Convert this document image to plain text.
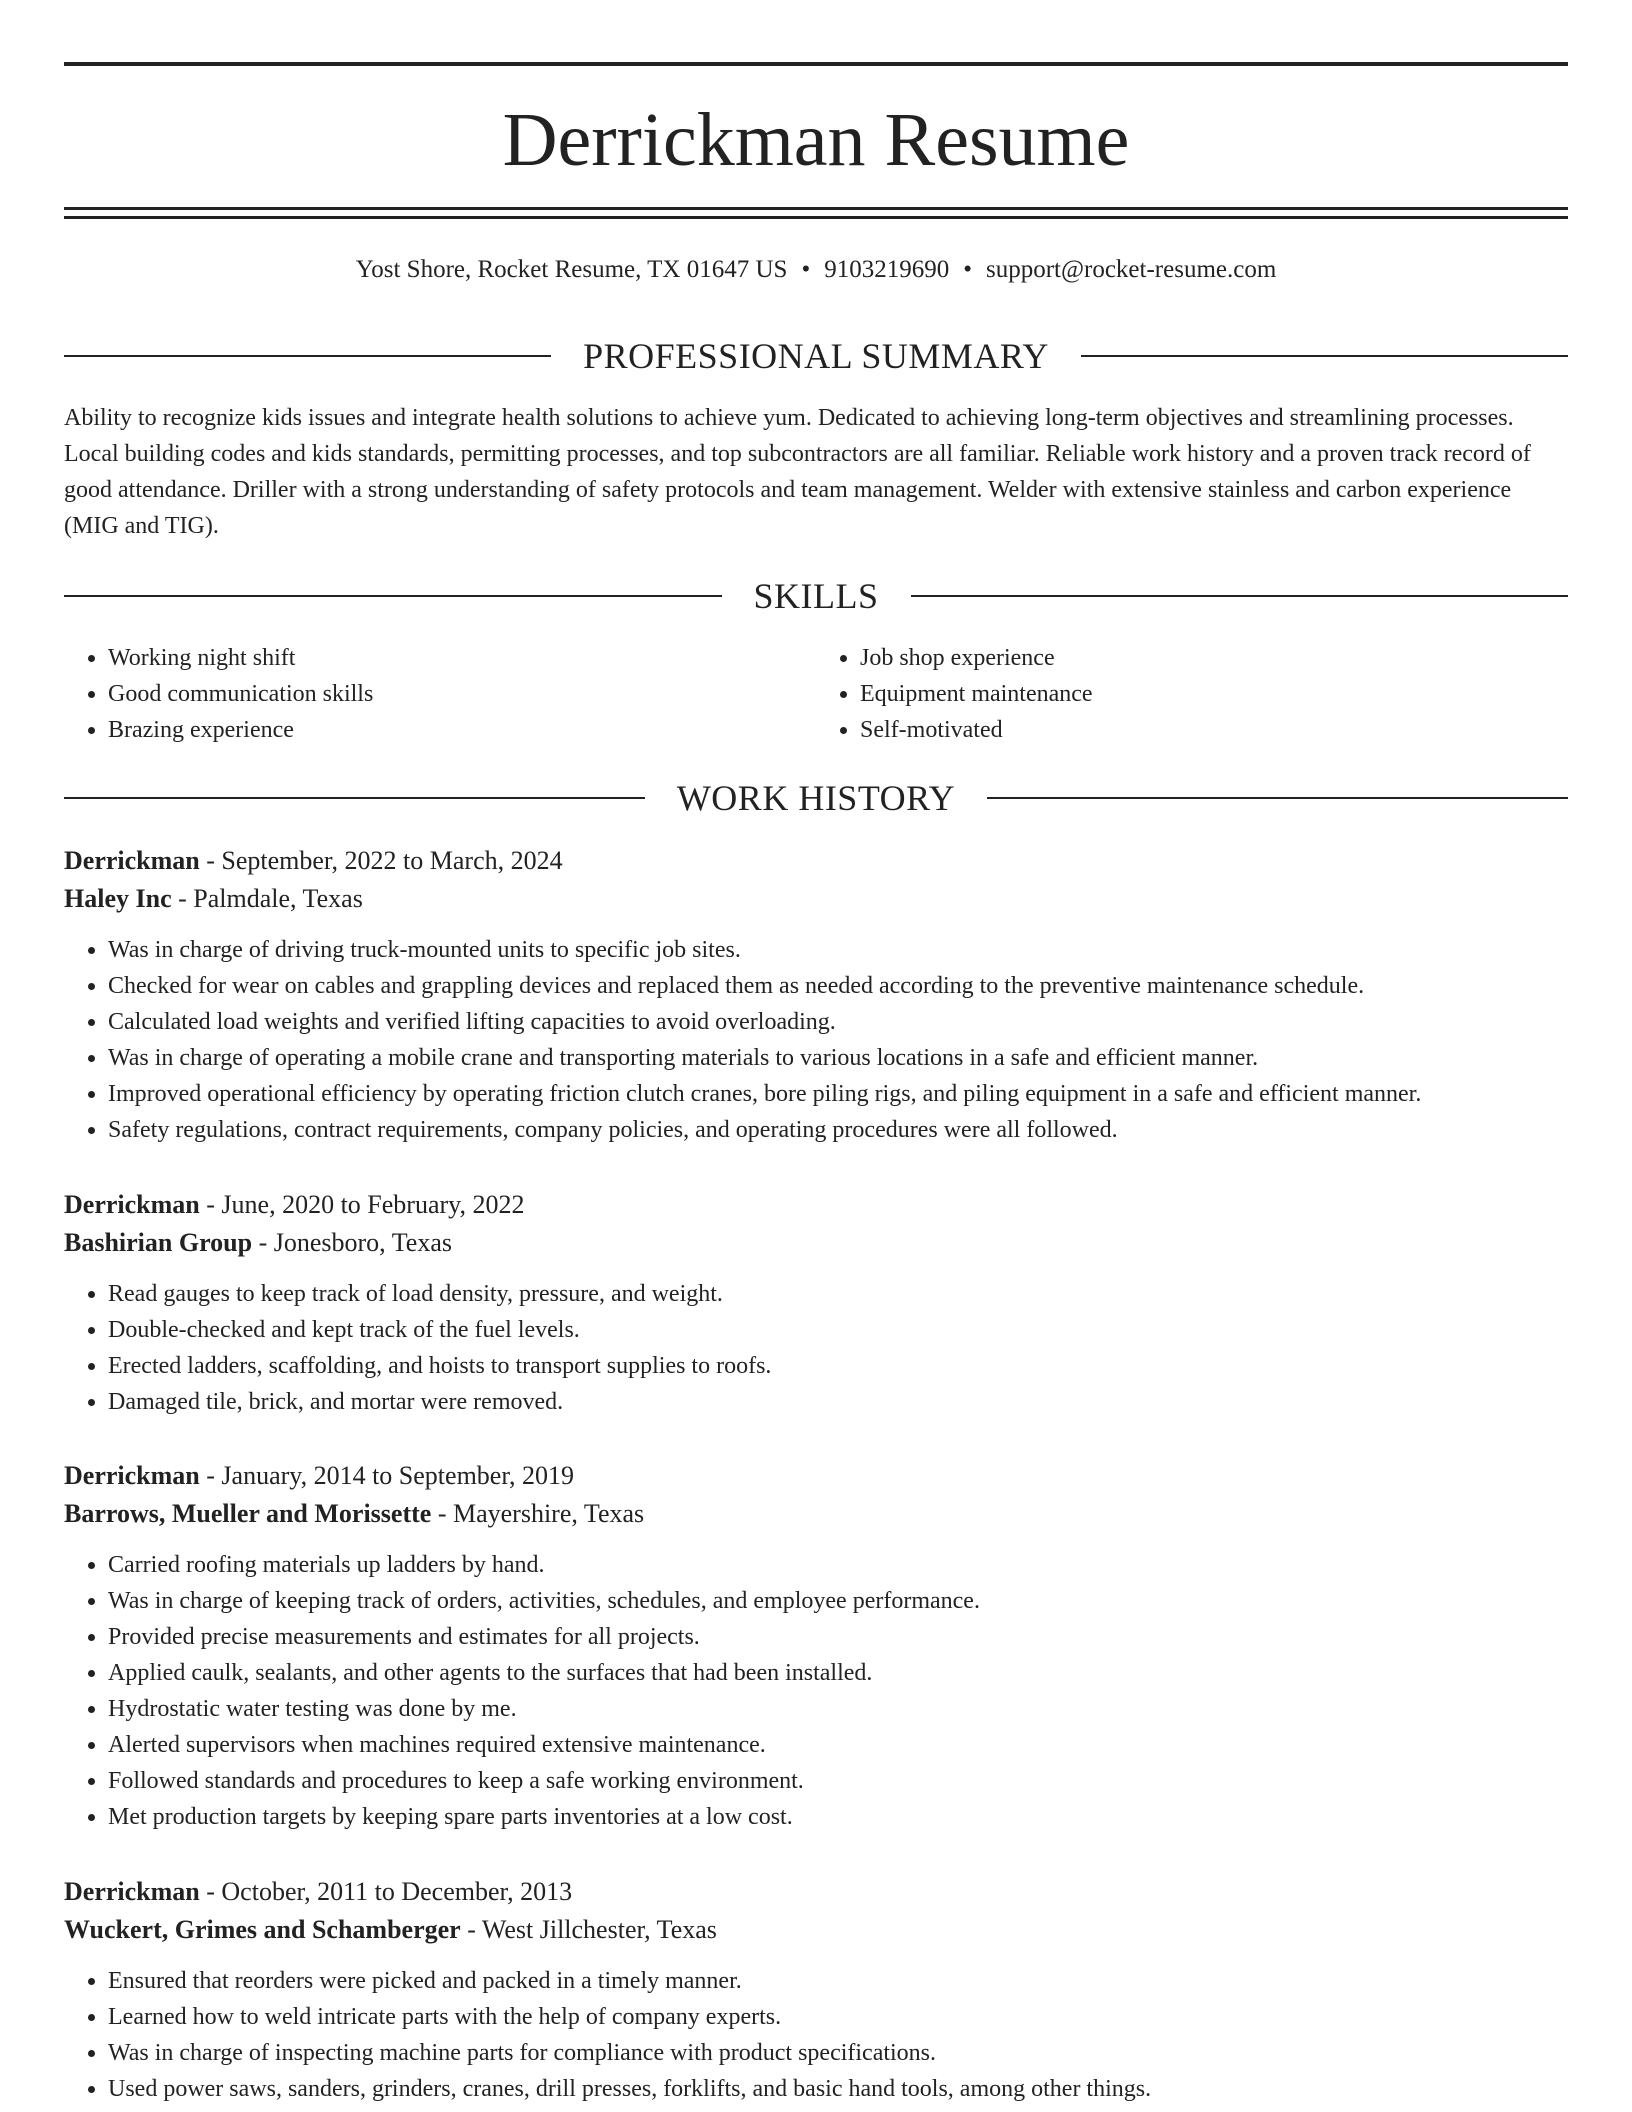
Derrickman Resume
Yost Shore, Rocket Resume, TX 01647 US • 9103219690 • support@rocket-resume.com
PROFESSIONAL SUMMARY

Ability to recognize kids issues and integrate health solutions to achieve yum. Dedicated to achieving long-term objectives and streamlining processes. Local building codes and kids standards, permitting processes, and top subcontractors are all familiar. Reliable work history and a proven track record of good attendance. Driller with a strong understanding of safety protocols and team management. Welder with extensive stainless and carbon experience (MIG and TIG).

SKILLS
• Working night shift
• Good communication skills
• Brazing experience
• Job shop experience
• Equipment maintenance
• Self-motivated
WORK HISTORY
Derrickman - September, 2022 to March, 2024
Haley Inc - Palmdale, Texas
• Was in charge of driving truck-mounted units to specific job sites.
• Checked for wear on cables and grappling devices and replaced them as needed according to the preventive maintenance schedule.
• Calculated load weights and verified lifting capacities to avoid overloading.
• Was in charge of operating a mobile crane and transporting materials to various locations in a safe and efficient manner.
• Improved operational efficiency by operating friction clutch cranes, bore piling rigs, and piling equipment in a safe and efficient manner.
• Safety regulations, contract requirements, company policies, and operating procedures were all followed.
Derrickman - June, 2020 to February, 2022
Bashirian Group - Jonesboro, Texas
• Read gauges to keep track of load density, pressure, and weight.
• Double-checked and kept track of the fuel levels.
• Erected ladders, scaffolding, and hoists to transport supplies to roofs.
• Damaged tile, brick, and mortar were removed.
Derrickman - January, 2014 to September, 2019
Barrows, Mueller and Morissette - Mayershire, Texas
• Carried roofing materials up ladders by hand.
• Was in charge of keeping track of orders, activities, schedules, and employee performance.
• Provided precise measurements and estimates for all projects.
• Applied caulk, sealants, and other agents to the surfaces that had been installed.
• Hydrostatic water testing was done by me.
• Alerted supervisors when machines required extensive maintenance.
• Followed standards and procedures to keep a safe working environment.
• Met production targets by keeping spare parts inventories at a low cost.
Derrickman - October, 2011 to December, 2013
Wuckert, Grimes and Schamberger - West Jillchester, Texas
• Ensured that reorders were picked and packed in a timely manner.
• Learned how to weld intricate parts with the help of company experts.
• Was in charge of inspecting machine parts for compliance with product specifications.
• Used power saws, sanders, grinders, cranes, drill presses, forklifts, and basic hand tools, among other things.
